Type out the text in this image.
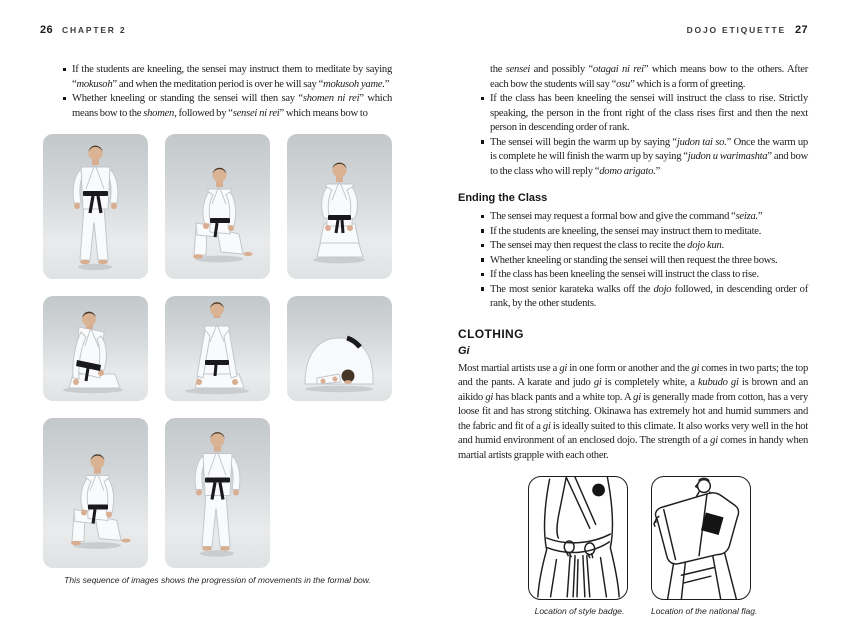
26 CHAPTER 2
If the students are kneeling, the sensei may instruct them to meditate by saying “mokusoh” and when the meditation period is over he will say “mokusoh yame.”
Whether kneeling or standing the sensei will then say “shomen ni rei” which means bow to the shomen, followed by “sensei ni rei” which means bow to

This sequence of images shows the progression of movements in the formal bow.

DOJO ETIQUETTE 27

the sensei and possibly “otagai ni rei” which means bow to the others. After each bow the students will say “osu” which is a form of greeting.

If the class has been kneeling the sensei will instruct the class to rise. Strictly speaking, the person in the front right of the class rises first and then the next person in descending order of rank.
The sensei will begin the warm up by saying “judon tai so.” Once the warm up is complete he will finish the warm up by saying “judon u warimashta” and bow to the class who will reply “domo arigato.”
Ending the Class
The sensei may request a formal bow and give the command “seiza.”
If the students are kneeling, the sensei may instruct them to meditate.
The sensei may then request the class to recite the dojo kun.
Whether kneeling or standing the sensei will then request the three bows.
If the class has been kneeling the sensei will instruct the class to rise.
The most senior karateka walks off the dojo followed, in descending order of rank, by the other students.
CLOTHING
Gi

Most martial artists use a gi in one form or another and the gi comes in two parts; the top and the pants. A karate and judo gi is completely white, a kubudo gi is brown and an aikido gi has black pants and a white top. A gi is generally made from cotton, has a very loose fit and has strong stitching. Okinawa has extremely hot and humid summers and the fabric and fit of a gi is ideally suited to this climate. It also works very well in the hot and humid environment of an enclosed dojo. The strength of a gi comes in handy when martial artists grapple with each other.

Location of style badge.	Location of the national flag.
